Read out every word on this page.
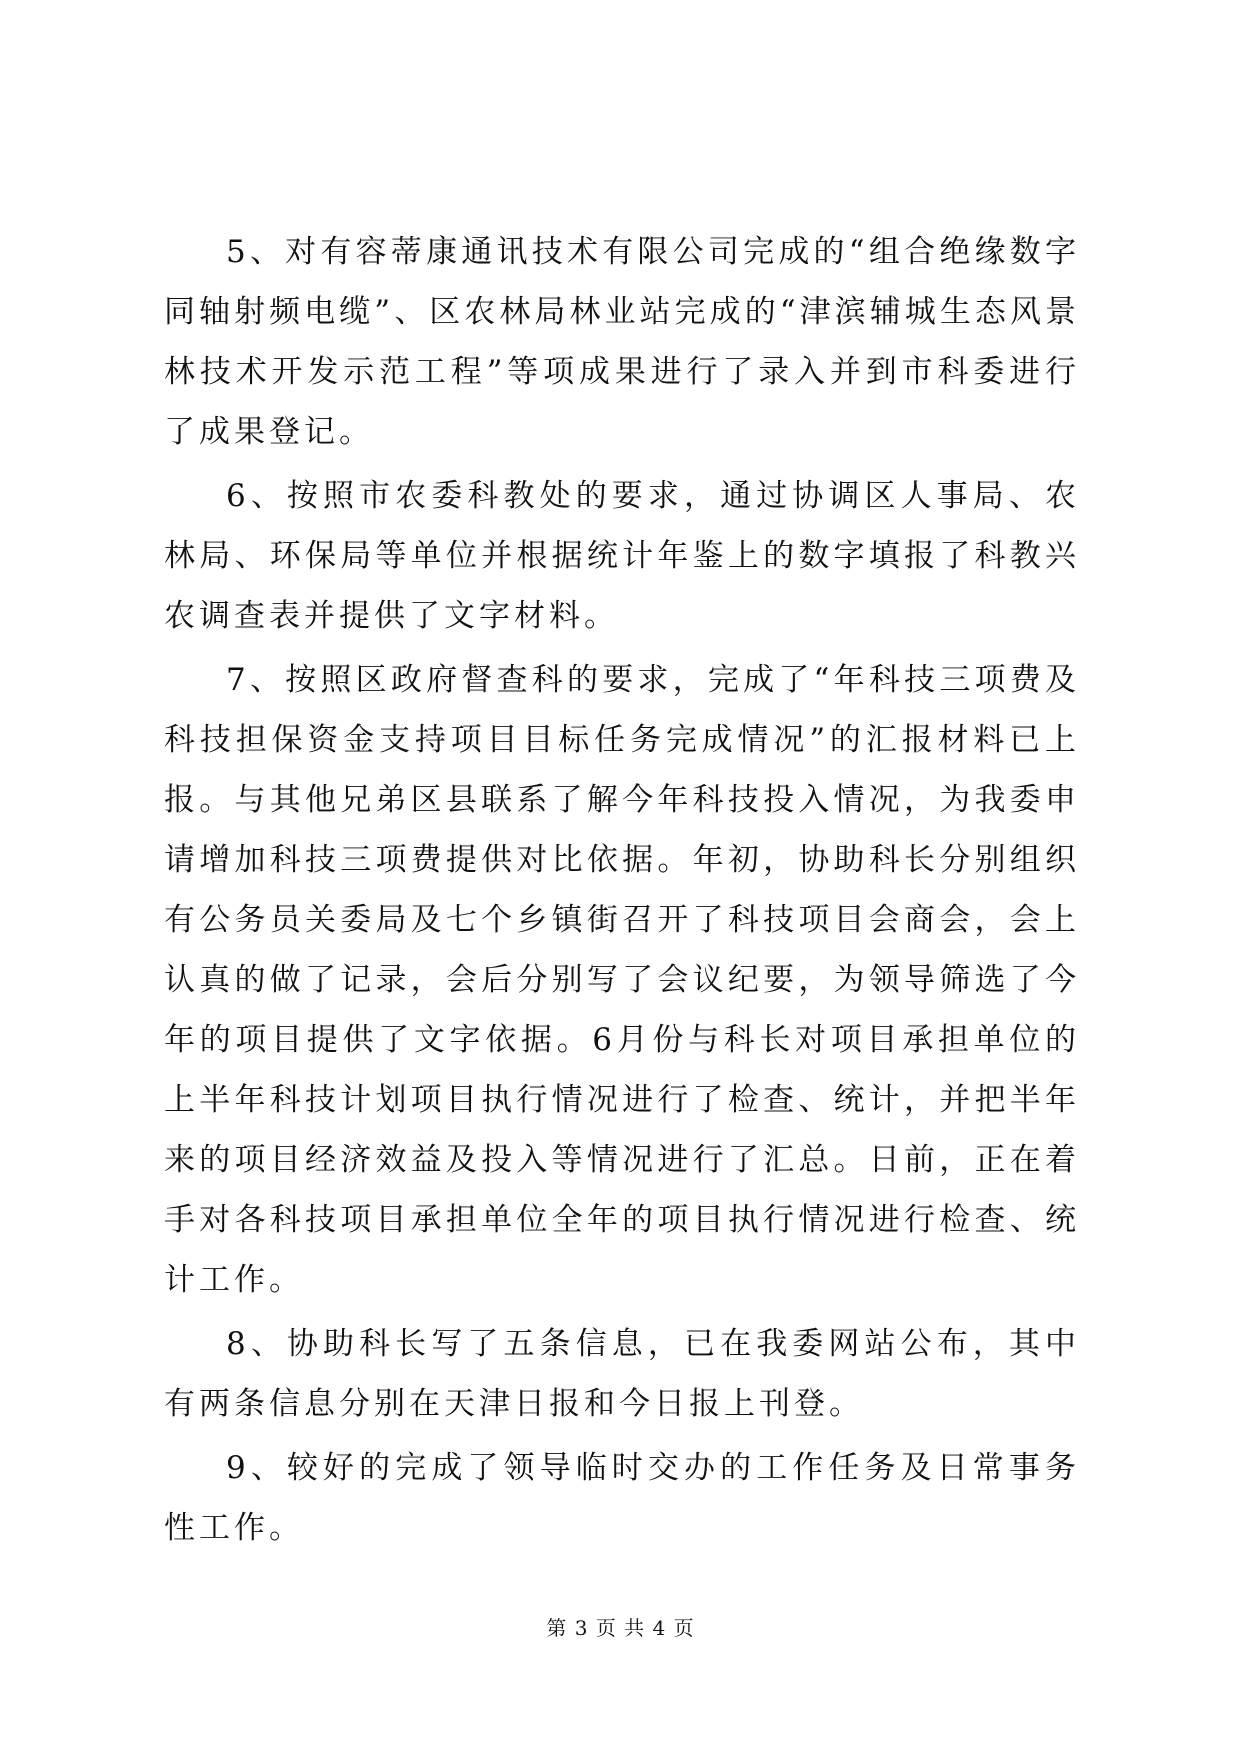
5、对有容蒂康通讯技术有限公司完成的“组合绝缘数字同轴射频电缆”、区农林局林业站完成的“津滨辅城生态风景林技术开发示范工程”等项成果进行了录入并到市科委进行了成果登记。

6、按照市农委科教处的要求，通过协调区人事局、农林局、环保局等单位并根据统计年鉴上的数字填报了科教兴农调查表并提供了文字材料。

7、按照区政府督查科的要求，完成了“年科技三项费及科技担保资金支持项目目标任务完成情况”的汇报材料已上报。与其他兄弟区县联系了解今年科技投入情况，为我委申请增加科技三项费提供对比依据。年初，协助科长分别组织有公务员关委局及七个乡镇街召开了科技项目会商会，会上认真的做了记录，会后分别写了会议纪要，为领导筛选了今年的项目提供了文字依据。6月份与科长对项目承担单位的上半年科技计划项目执行情况进行了检查、统计，并把半年来的项目经济效益及投入等情况进行了汇总。日前，正在着手对各科技项目承担单位全年的项目执行情况进行检查、统计工作。

8、协助科长写了五条信息，已在我委网站公布，其中有两条信息分别在天津日报和今日报上刊登。

9、较好的完成了领导临时交办的工作任务及日常事务性工作。

第 3 页 共 4 页
